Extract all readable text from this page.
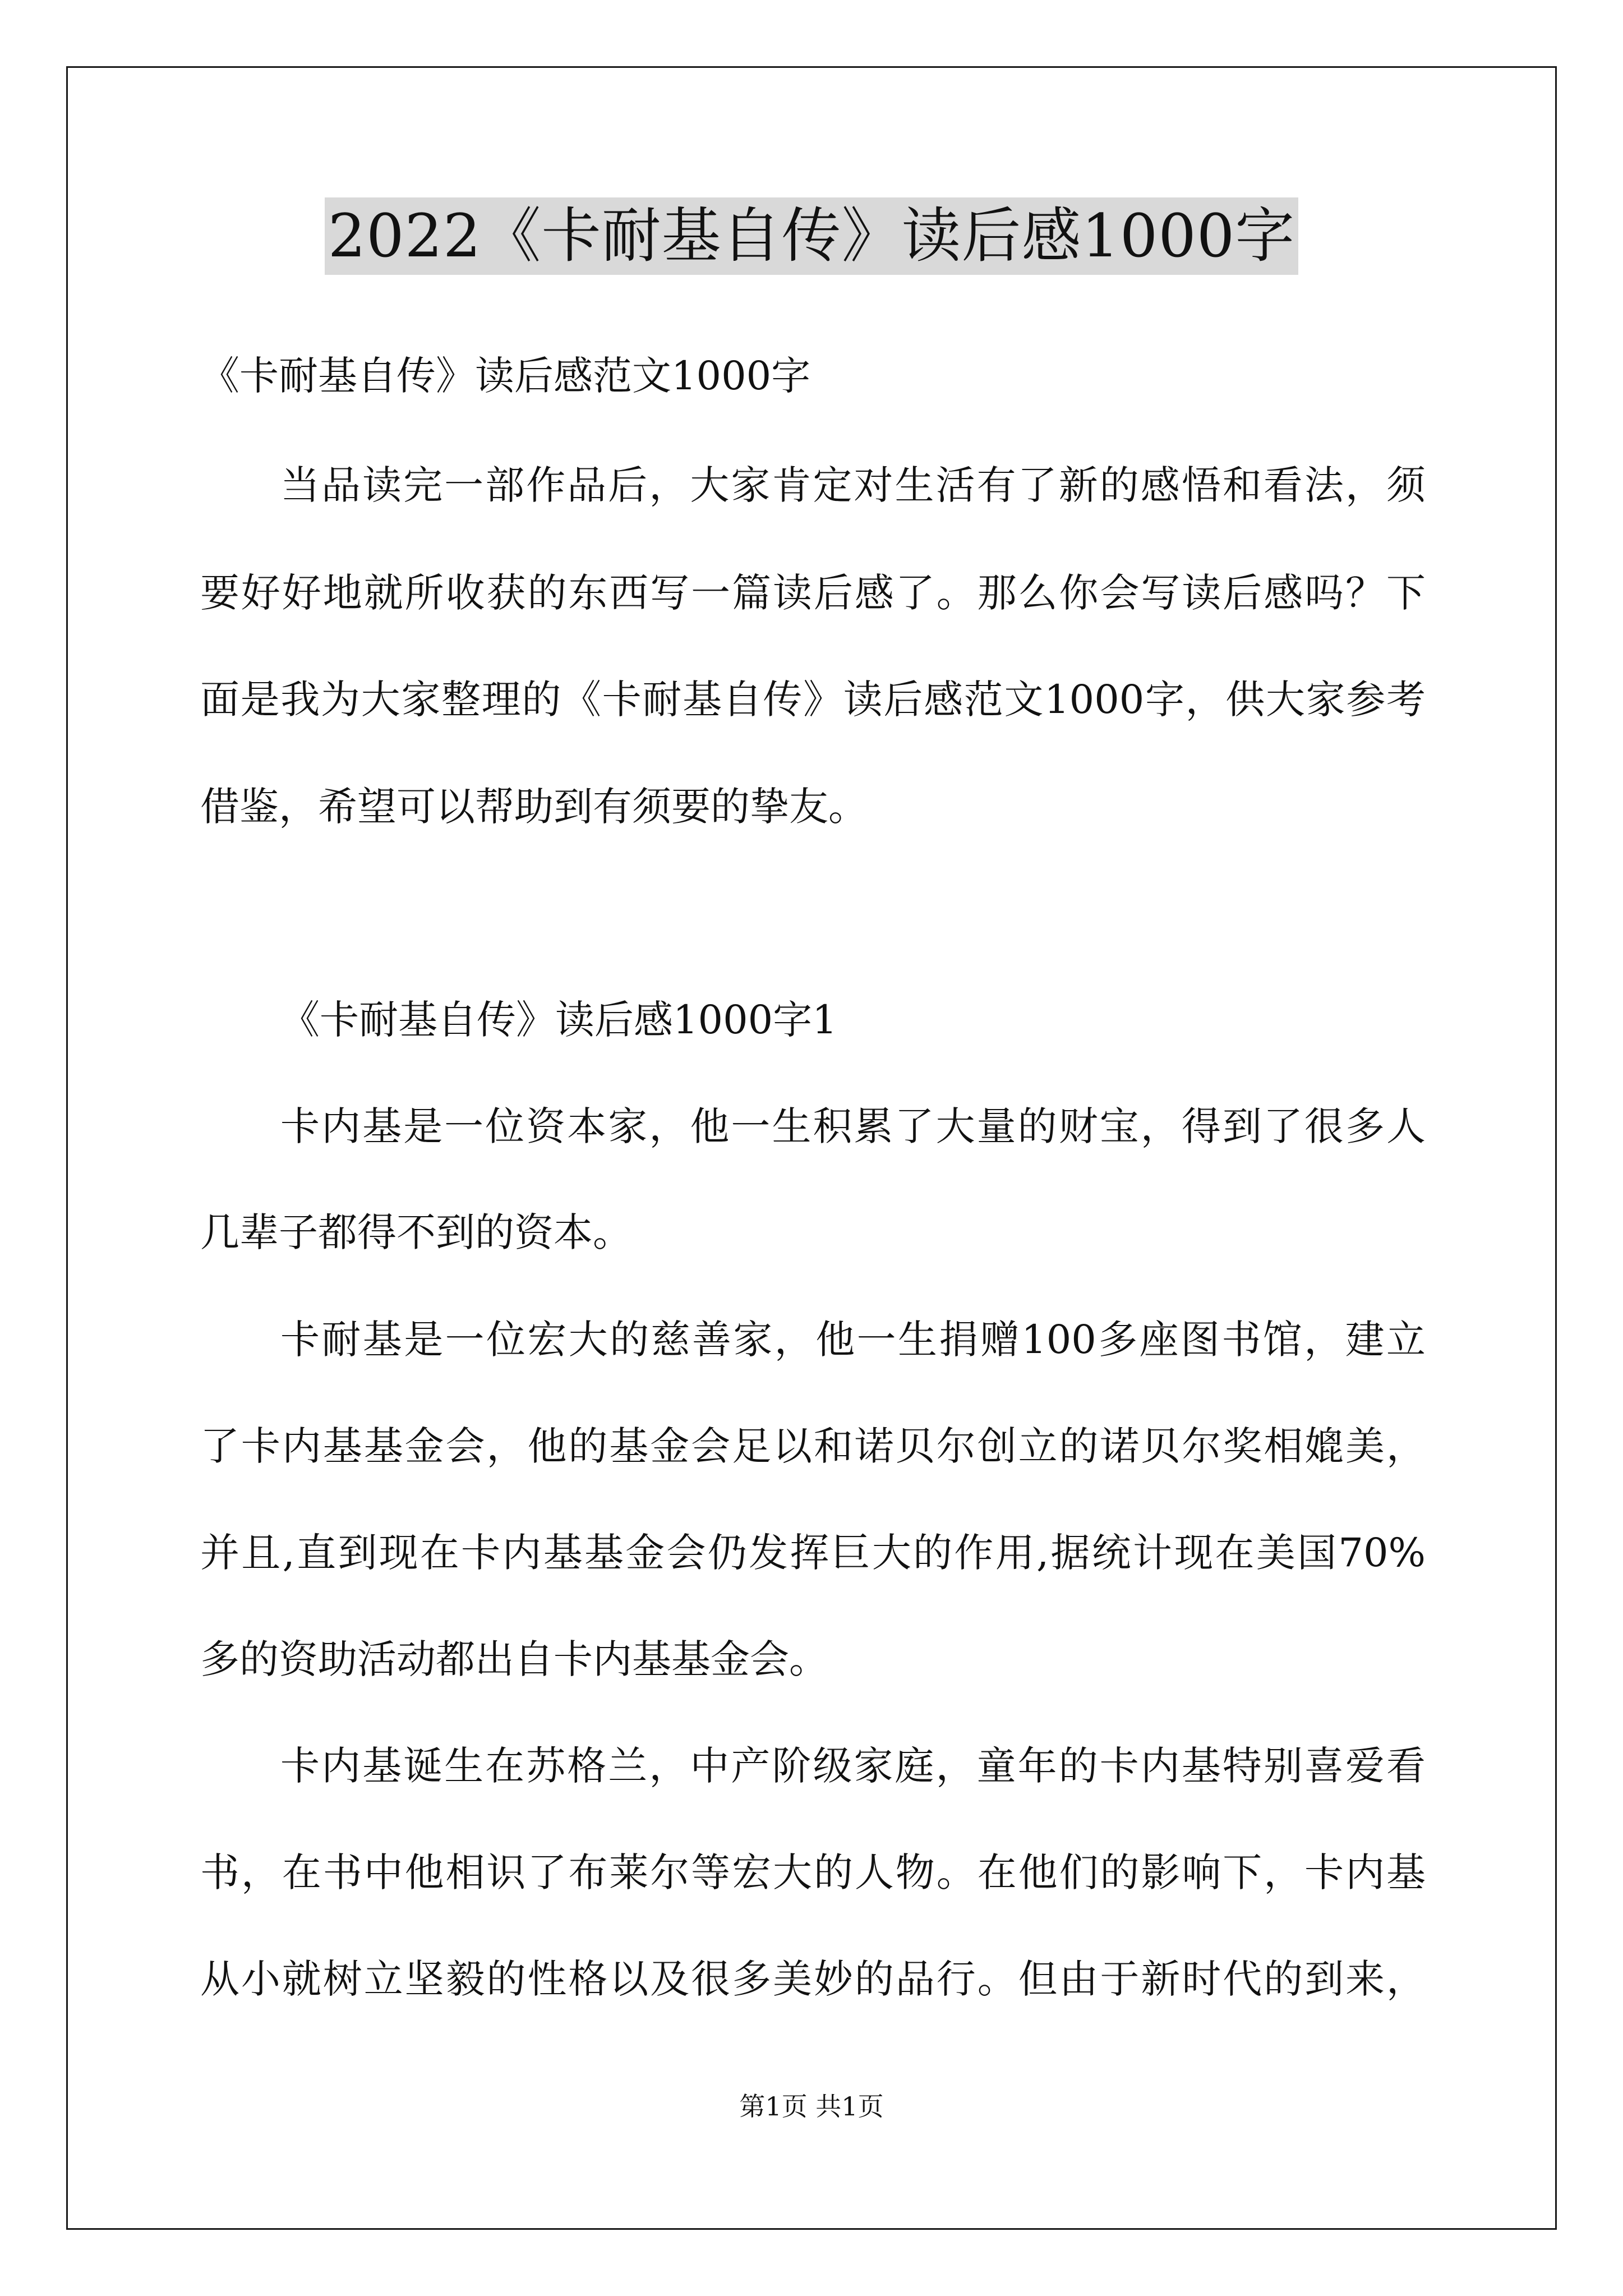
2022《卡耐基自传》读后感1000字
《卡耐基自传》读后感范文1000字
当品读完一部作品后，大家肯定对生活有了新的感悟和看法，须
要好好地就所收获的东西写一篇读后感了。那么你会写读后感吗？下
面是我为大家整理的《卡耐基自传》读后感范文1000字，供大家参考
借鉴，希望可以帮助到有须要的挚友。
《卡耐基自传》读后感1000字1
卡内基是一位资本家，他一生积累了大量的财宝，得到了很多人
几辈子都得不到的资本。
卡耐基是一位宏大的慈善家，他一生捐赠100多座图书馆，建立
了卡内基基金会，他的基金会足以和诺贝尔创立的诺贝尔奖相媲美，
并且,直到现在卡内基基金会仍发挥巨大的作用,据统计现在美国70%
多的资助活动都出自卡内基基金会。
卡内基诞生在苏格兰，中产阶级家庭，童年的卡内基特别喜爱看
书，在书中他相识了布莱尔等宏大的人物。在他们的影响下，卡内基
从小就树立坚毅的性格以及很多美妙的品行。但由于新时代的到来，
第1页 共1页
